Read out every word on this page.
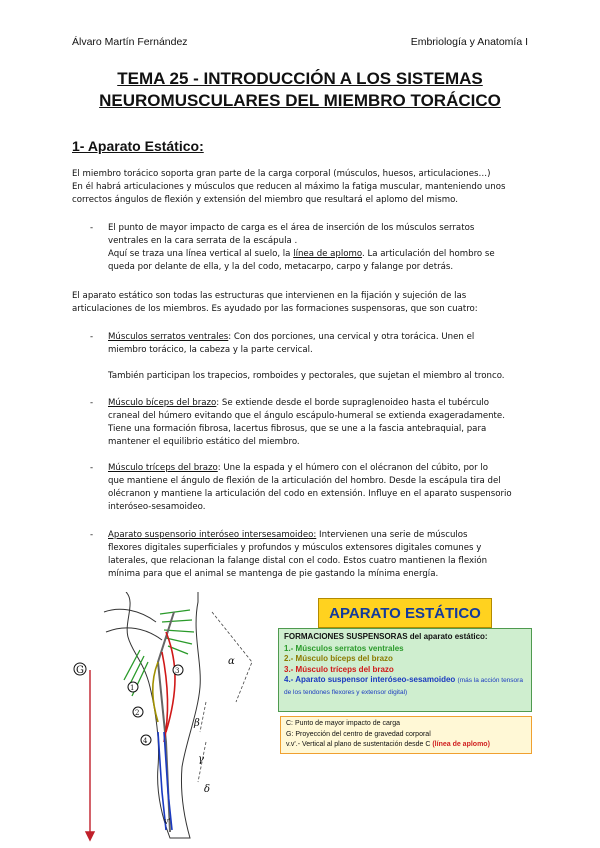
Álvaro Martín Fernández	Embriología y Anatomía I
TEMA 25 - INTRODUCCIÓN A LOS SISTEMAS
NEUROMUSCULARES DEL MIEMBRO TORÁCICO
1- Aparato Estático:
El miembro torácico soporta gran parte de la carga corporal (músculos, huesos, articulaciones…)
En él habrá articulaciones y músculos que reducen al máximo la fatiga muscular, manteniendo unos
correctos ángulos de flexión y extensión del miembro que resultará el aplomo del mismo.
- El punto de mayor impacto de carga es el área de inserción de los músculos serratos
ventrales en la cara serrata de la escápula .
Aquí se traza una línea vertical al suelo, la línea de aplomo. La articulación del hombro se
queda por delante de ella, y la del codo, metacarpo, carpo y falange por detrás.
El aparato estático son todas las estructuras que intervienen en la fijación y sujeción de las
articulaciones de los miembros. Es ayudado por las formaciones suspensoras, que son cuatro:
- Músculos serratos ventrales: Con dos porciones, una cervical y otra torácica. Unen el
miembro torácico, la cabeza y la parte cervical.
También participan los trapecios, romboides y pectorales, que sujetan el miembro al tronco.
- Músculo bíceps del brazo: Se extiende desde el borde supraglenoideo hasta el tubérculo
craneal del húmero evitando que el ángulo escápulo-humeral se extienda exageradamente.
Tiene una formación fibrosa, lacertus fibrosus, que se une a la fascia antebraquial, para
mantener el equilibrio estático del miembro.
- Músculo tríceps del brazo: Une la espada y el húmero con el olécranon del cúbito, por lo
que mantiene el ángulo de flexión de la articulación del hombro. Desde la escápula tira del
olécranon y mantiene la articulación del codo en extensión. Influye en el aparato suspensorio
interóseo-sesamoideo.
- Aparato suspensorio interóseo intersesamoideo: Intervienen una serie de músculos
flexores digitales superficiales y profundos y músculos extensores digitales comunes y
laterales, que relacionan la falange distal con el codo. Estos cuatro mantienen la flexión
mínima para que el animal se mantenga de pie gastando la mínima energía.
G
α
β
γ
δ
v'
1
2
3
4
APARATO ESTÁTICO
FORMACIONES SUSPENSORAS del aparato estático:
1.- Músculos serratos ventrales
2.- Músculo bíceps del brazo
3.- Músculo tríceps del brazo
4.- Aparato suspensor interóseo-sesamoideo (más la acción tensora de los tendones flexores y extensor digital)
C: Punto de mayor impacto de carga
G: Proyección del centro de gravedad corporal
v.v'.- Vertical al plano de sustentación desde C (línea de aplomo)
